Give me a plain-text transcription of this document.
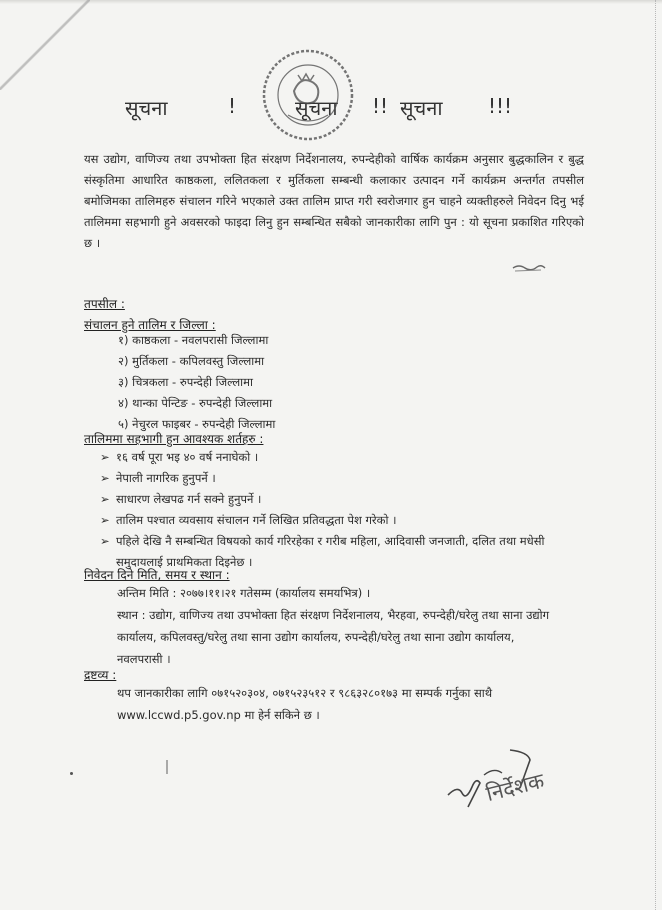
सूचना	!	सूचना !! सूचना !!!

यस उद्योग, वाणिज्य तथा उपभोक्ता हित संरक्षण निर्देशनालय, रुपन्देहीको वार्षिक कार्यक्रम अनुसार बुद्धकालिन र बुद्ध संस्कृतिमा आधारित काष्ठकला, ललितकला र मुर्तिकला सम्बन्धी कलाकार उत्पादन गर्ने कार्यक्रम अन्तर्गत तपसील बमोजिमका तालिमहरु संचालन गरिने भएकाले उक्त तालिम प्राप्त गरी स्वरोजगार हुन चाहने व्यक्तीहरुले निवेदन दिनु भई तालिममा सहभागी हुने अवसरको फाइदा लिनु हुन सम्बन्धित सबैको जानकारीका लागि पुन : यो सूचना प्रकाशित गरिएको छ ।

तपसील :
संचालन हुने तालिम र जिल्ला :
१) काष्ठकला - नवलपरासी जिल्लामा
२) मुर्तिकला - कपिलवस्तु जिल्लामा
३) चित्रकला - रुपन्देही जिल्लामा
४) थान्का पेन्टिङ - रुपन्देही जिल्लामा
५) नेचुरल फाइबर - रुपन्देही जिल्लामा
तालिममा सहभागी हुन आवश्यक शर्तहरु :
➢ १६ वर्ष पूरा भइ ४० वर्ष ननाघेको ।
➢ नेपाली नागरिक हुनुपर्ने ।
➢ साधारण लेखपढ गर्न सक्ने हुनुपर्ने ।
➢ तालिम पश्चात व्यवसाय संचालन गर्ने लिखित प्रतिवद्धता पेश गरेको ।
➢ पहिले देखि नै सम्बन्धित विषयको कार्य गरिरहेका र गरीब महिला, आदिवासी जनजाती, दलित तथा मधेसी समुदायलाई प्राथमिकता दिइनेछ ।
निवेदन दिने मिति, समय र स्थान :
अन्तिम मिति : २०७७।११।२१ गतेसम्म (कार्यालय समयभित्र) ।
स्थान : उद्योग, वाणिज्य तथा उपभोक्ता हित संरक्षण निर्देशनालय, भैरहवा, रुपन्देही/घरेलु तथा साना उद्योग कार्यालय, कपिलवस्तु/घरेलु तथा साना उद्योग कार्यालय, रुपन्देही/घरेलु तथा साना उद्योग कार्यालय, नवलपरासी ।
द्रष्टव्य :
थप जानकारीका लागि ०७१५२०३०४, ०७१५२३५१२ र ९८६३२८०१७३ मा सम्पर्क गर्नुका साथै www.lccwd.p5.gov.np मा हेर्न सकिने छ ।
निर्देशक
